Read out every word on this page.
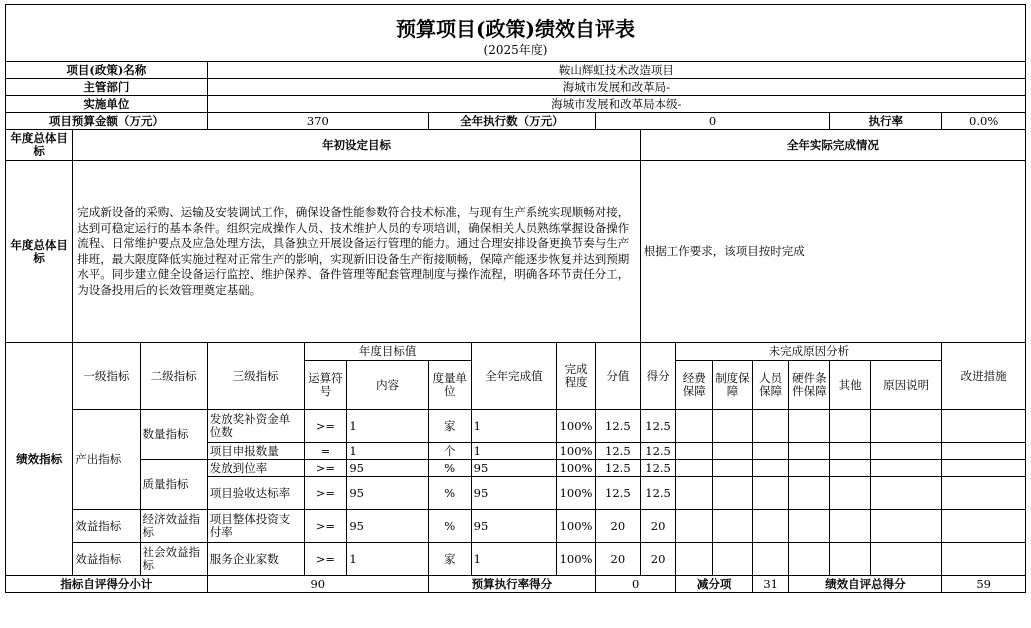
预算项目(政策)绩效自评表
(2025年度)																	

项目(政策)名称			鞍山辉虹技术改造项目														
主管部门			海城市发展和改革局-														
实施单位			海城市发展和改革局本级-														
项目预算金额（万元）			370			全年执行数（万元）			0						执行率		0.0%
年度总体目标	年初设定目标									全年实际完成情况							
年度总体目标	完成新设备的采购、运输及安装调试工作，确保设备性能参数符合技术标准，与现有生产系统实现顺畅对接，达到可稳定运行的基本条件。组织完成操作人员、技术维护人员的专项培训，确保相关人员熟练掌握设备操作流程、日常维护要点及应急处理方法，具备独立开展设备运行管理的能力。通过合理安排设备更换节奏与生产排班，最大限度降低实施过程对正常生产的影响，实现新旧设备生产衔接顺畅，保障产能逐步恢复并达到预期水平。同步建立健全设备运行监控、维护保养、备件管理等配套管理制度与操作流程，明确各环节责任分工，为设备投用后的长效管理奠定基础。									根据工作要求，该项目按时完成							
绩效指标	一级指标	二级指标	三级指标	年度目标值			全年完成值	完成程度	分值	得分	未完成原因分析						改进措施
				运算符号	内容	度量单位					经费保障	制度保障	人员保障	硬件条件保障	其他	原因说明	
	产出指标	数量指标	发放奖补资金单位数	>=	1	家	1	100%	12.5	12.5							
			项目申报数量	=	1	个	1	100%	12.5	12.5							
		质量指标	发放到位率	>=	95	%	95	100%	12.5	12.5							
			项目验收达标率	>=	95	%	95	100%	12.5	12.5							
	效益指标	经济效益指标	项目整体投资支付率	>=	95	%	95	100%	20	20							
	效益指标	社会效益指标	服务企业家数	>=	1	家	1	100%	20	20							
指标自评得分小计			90			预算执行率得分			0		减分项		31	绩效自评总得分			59
